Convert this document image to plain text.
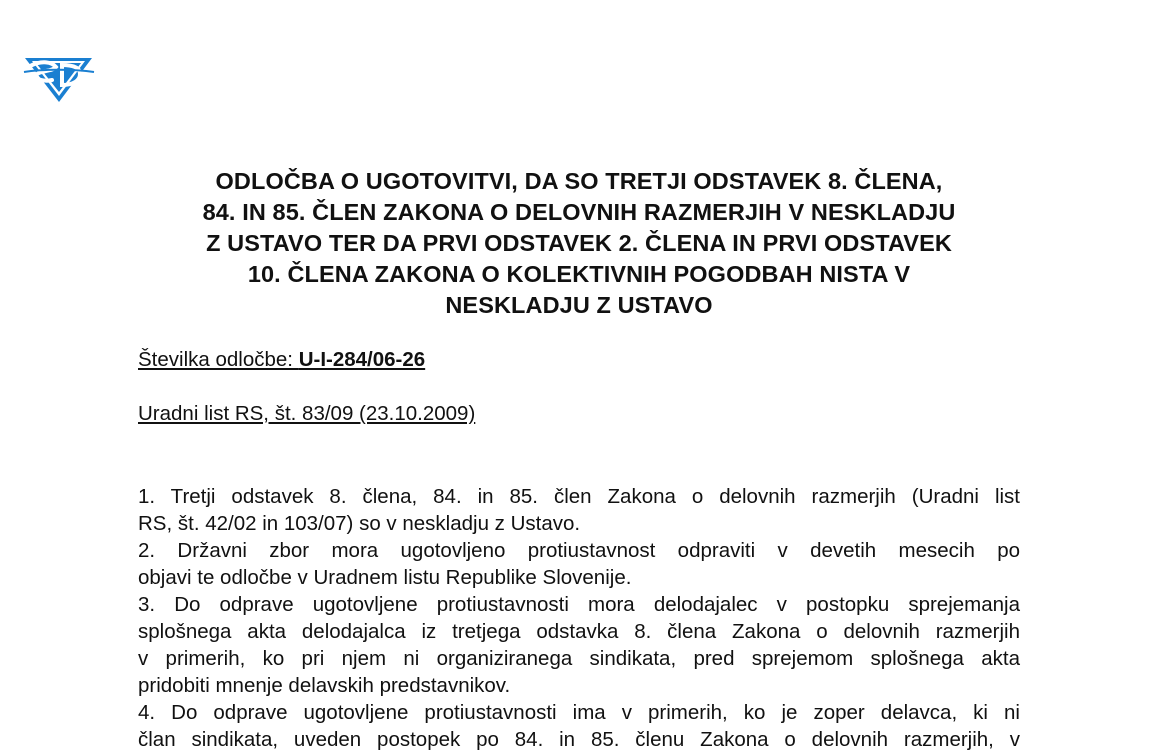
ODLOČBA O UGOTOVITVI, DA SO TRETJI ODSTAVEK 8. ČLENA,
84. IN 85. ČLEN ZAKONA O DELOVNIH RAZMERJIH V NESKLADJU
Z USTAVO TER DA PRVI ODSTAVEK 2. ČLENA IN PRVI ODSTAVEK
10. ČLENA ZAKONA O KOLEKTIVNIH POGODBAH NISTA V
NESKLADJU Z USTAVO
Številka odločbe: U-I-284/06-26
Uradni list RS, št. 83/09 (23.10.2009)

1. Tretji odstavek 8. člena, 84. in 85. člen Zakona o delovnih razmerjih (Uradni list
RS, št. 42/02 in 103/07) so v neskladju z Ustavo.

2. Državni zbor mora ugotovljeno protiustavnost odpraviti v devetih mesecih po
objavi te odločbe v Uradnem listu Republike Slovenije.

3. Do odprave ugotovljene protiustavnosti mora delodajalec v postopku sprejemanja
splošnega akta delodajalca iz tretjega odstavka 8. člena Zakona o delovnih razmerjih
v primerih, ko pri njem ni organiziranega sindikata, pred sprejemom splošnega akta
pridobiti mnenje delavskih predstavnikov.

4. Do odprave ugotovljene protiustavnosti ima v primerih, ko je zoper delavca, ki ni
član sindikata, uveden postopek po 84. in 85. členu Zakona o delovnih razmerjih, v
